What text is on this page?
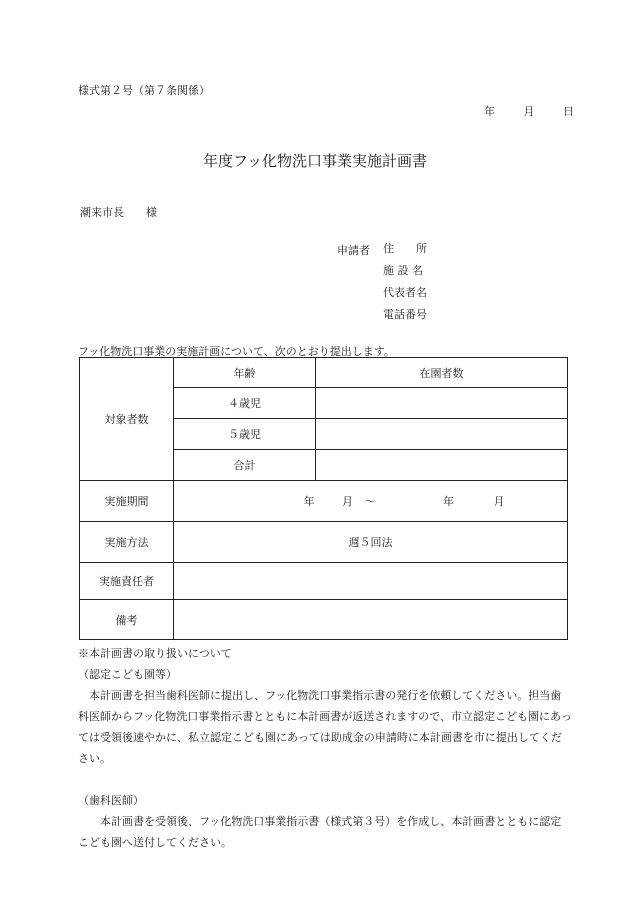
様式第２号（第７条関係）
年	月	日
年度フッ化物洗口事業実施計画書
潮来市長 様
申請者 住　　所
施 設 名
代表者名
電話番号
フッ化物洗口事業の実施計画について、次のとおり提出します。
対象者数	年齢	在園者数
	４歳児	
	５歳児	
	合計	
実施期間	年 月 〜 年 月	
実施方法	週５回法	
実施責任者		
備考		
※本計画書の取り扱いについて
（認定こども園等）

本計画書を担当歯科医師に提出し、フッ化物洗口事業指示書の発行を依頼してください。担当歯科医師からフッ化物洗口事業指示書とともに本計画書が返送されますので、市立認定こども園にあっては受領後速やかに、私立認定こども園にあっては助成金の申請時に本計画書を市に提出してください。

（歯科医師）

本計画書を受領後、フッ化物洗口事業指示書（様式第３号）を作成し、本計画書とともに認定こども園へ送付してください。
